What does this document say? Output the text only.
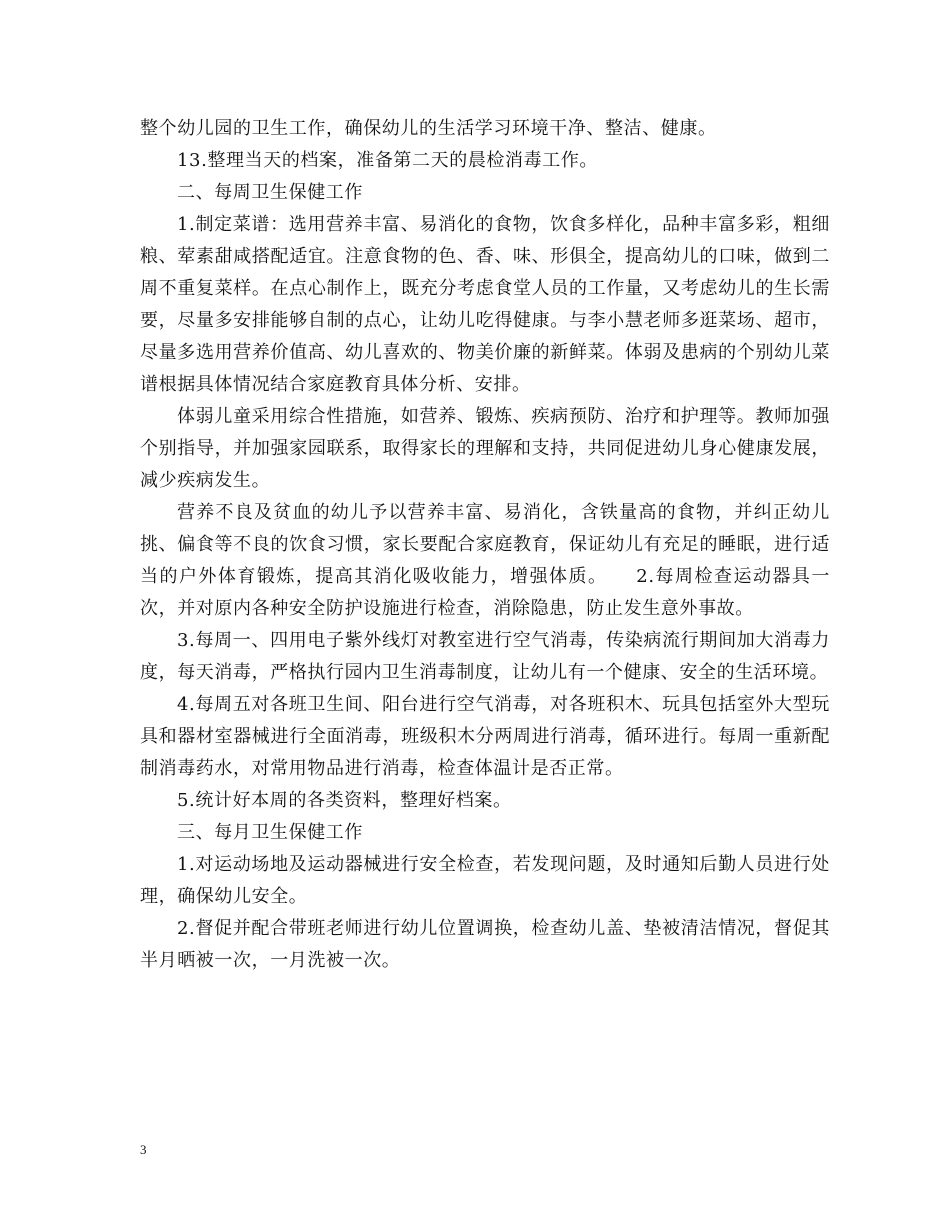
整个幼儿园的卫生工作，确保幼儿的生活学习环境干净、整洁、健康。

13.整理当天的档案，准备第二天的晨检消毒工作。

二、每周卫生保健工作

1.制定菜谱：选用营养丰富、易消化的食物，饮食多样化，品种丰富多彩，粗细粮、荤素甜咸搭配适宜。注意食物的色、香、味、形俱全，提高幼儿的口味，做到二周不重复菜样。在点心制作上，既充分考虑食堂人员的工作量，又考虑幼儿的生长需要，尽量多安排能够自制的点心，让幼儿吃得健康。与李小慧老师多逛菜场、超市，尽量多选用营养价值高、幼儿喜欢的、物美价廉的新鲜菜。体弱及患病的个别幼儿菜谱根据具体情况结合家庭教育具体分析、安排。

体弱儿童采用综合性措施，如营养、锻炼、疾病预防、治疗和护理等。教师加强个别指导，并加强家园联系，取得家长的理解和支持，共同促进幼儿身心健康发展，减少疾病发生。

营养不良及贫血的幼儿予以营养丰富、易消化，含铁量高的食物，并纠正幼儿挑、偏食等不良的饮食习惯，家长要配合家庭教育，保证幼儿有充足的睡眠，进行适当的户外体育锻炼，提高其消化吸收能力，增强体质。    2.每周检查运动器具一次，并对原内各种安全防护设施进行检查，消除隐患，防止发生意外事故。

3.每周一、四用电子紫外线灯对教室进行空气消毒，传染病流行期间加大消毒力度，每天消毒，严格执行园内卫生消毒制度，让幼儿有一个健康、安全的生活环境。

4.每周五对各班卫生间、阳台进行空气消毒，对各班积木、玩具包括室外大型玩具和器材室器械进行全面消毒，班级积木分两周进行消毒，循环进行。每周一重新配制消毒药水，对常用物品进行消毒，检查体温计是否正常。

5.统计好本周的各类资料，整理好档案。

三、每月卫生保健工作

1.对运动场地及运动器械进行安全检查，若发现问题，及时通知后勤人员进行处理，确保幼儿安全。

2.督促并配合带班老师进行幼儿位置调换，检查幼儿盖、垫被清洁情况，督促其半月晒被一次，一月洗被一次。

3
